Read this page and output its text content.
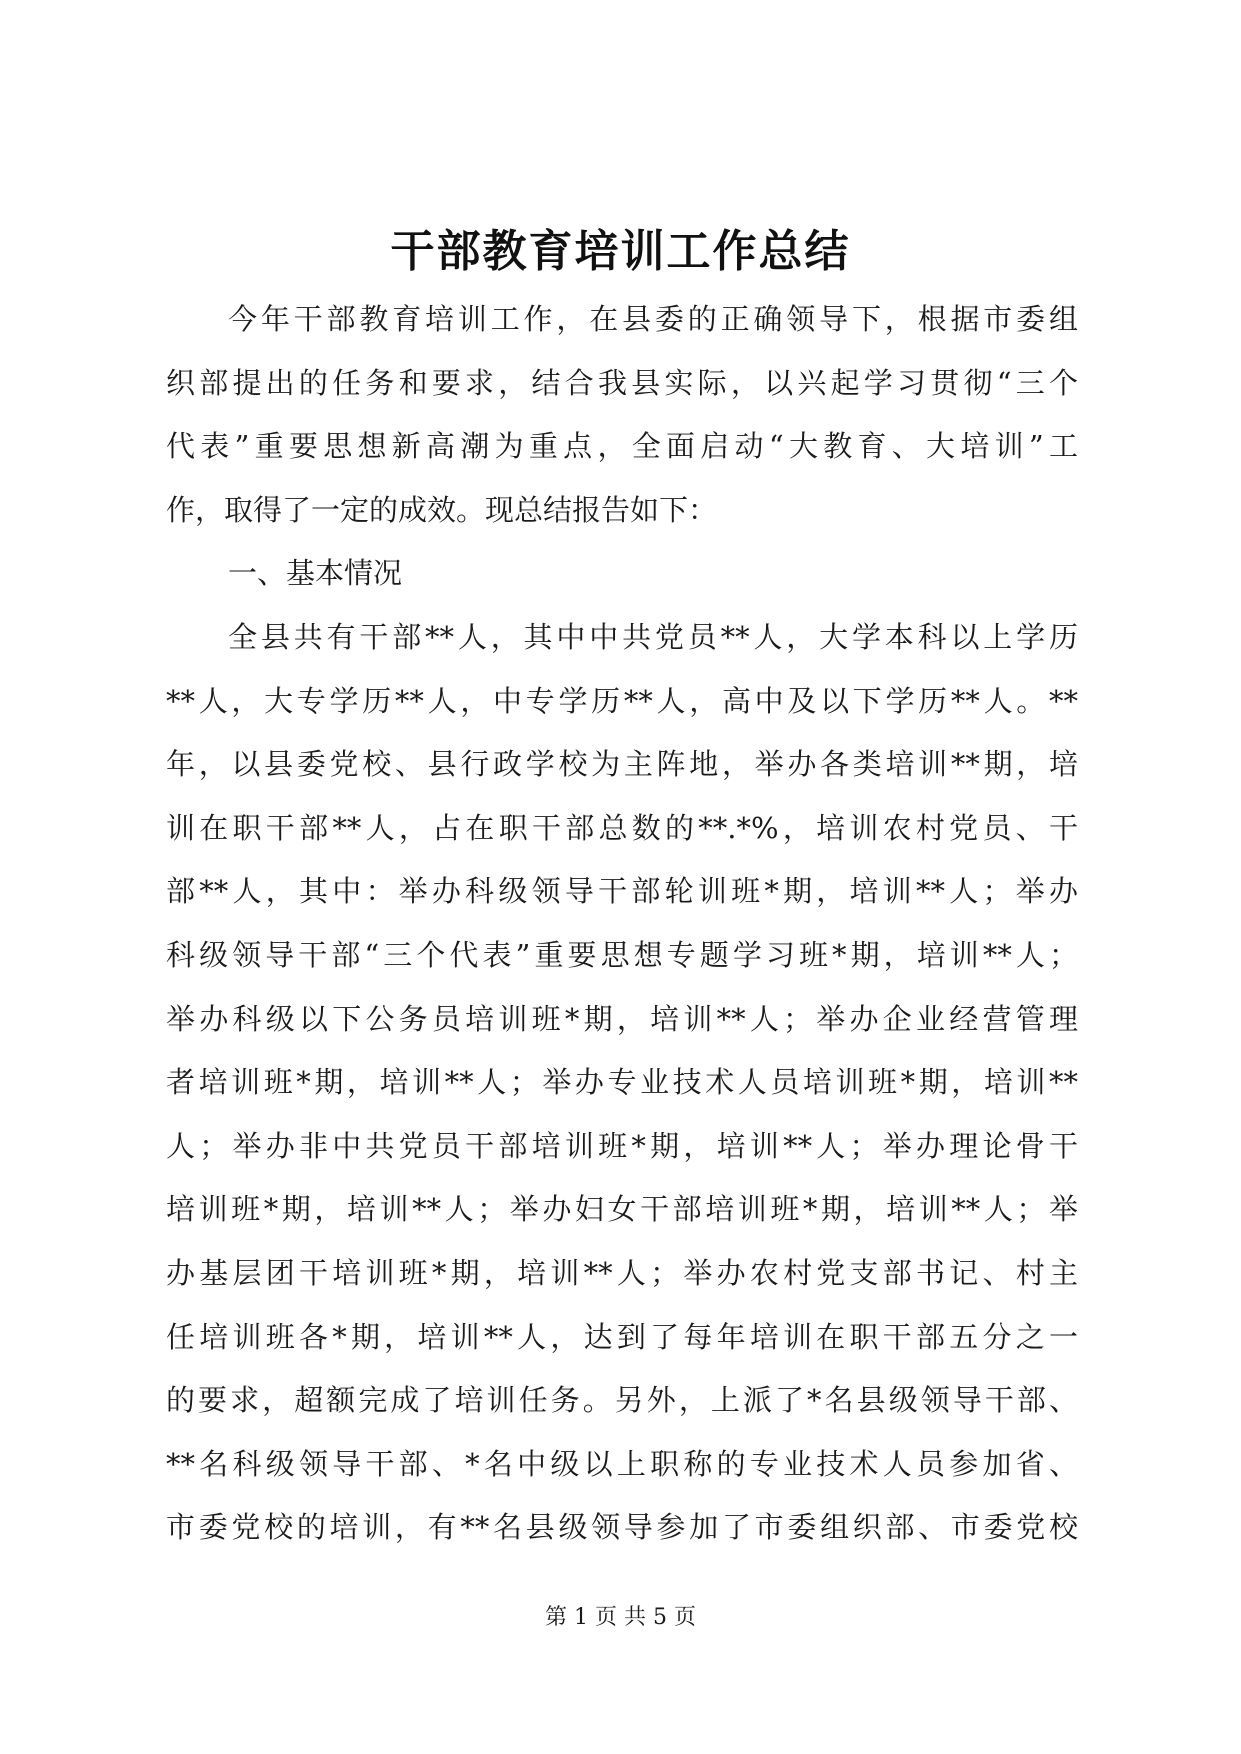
干部教育培训工作总结
今年干部教育培训工作，在县委的正确领导下，根据市委组
织部提出的任务和要求，结合我县实际，以兴起学习贯彻“三个
代表”重要思想新高潮为重点，全面启动“大教育、大培训”工
作，取得了一定的成效。现总结报告如下：
一、基本情况
全县共有干部**人，其中中共党员**人，大学本科以上学历
**人，大专学历**人，中专学历**人，高中及以下学历**人。**
年，以县委党校、县行政学校为主阵地，举办各类培训**期，培
训在职干部**人，占在职干部总数的**.*%，培训农村党员、干
部**人，其中：举办科级领导干部轮训班*期，培训**人；举办
科级领导干部“三个代表”重要思想专题学习班*期，培训**人；
举办科级以下公务员培训班*期，培训**人；举办企业经营管理
者培训班*期，培训**人；举办专业技术人员培训班*期，培训**
人；举办非中共党员干部培训班*期，培训**人；举办理论骨干
培训班*期，培训**人；举办妇女干部培训班*期，培训**人；举
办基层团干培训班*期，培训**人；举办农村党支部书记、村主
任培训班各*期，培训**人，达到了每年培训在职干部五分之一
的要求，超额完成了培训任务。另外，上派了*名县级领导干部、
**名科级领导干部、*名中级以上职称的专业技术人员参加省、
市委党校的培训，有**名县级领导参加了市委组织部、市委党校
第 1 页 共 5 页
